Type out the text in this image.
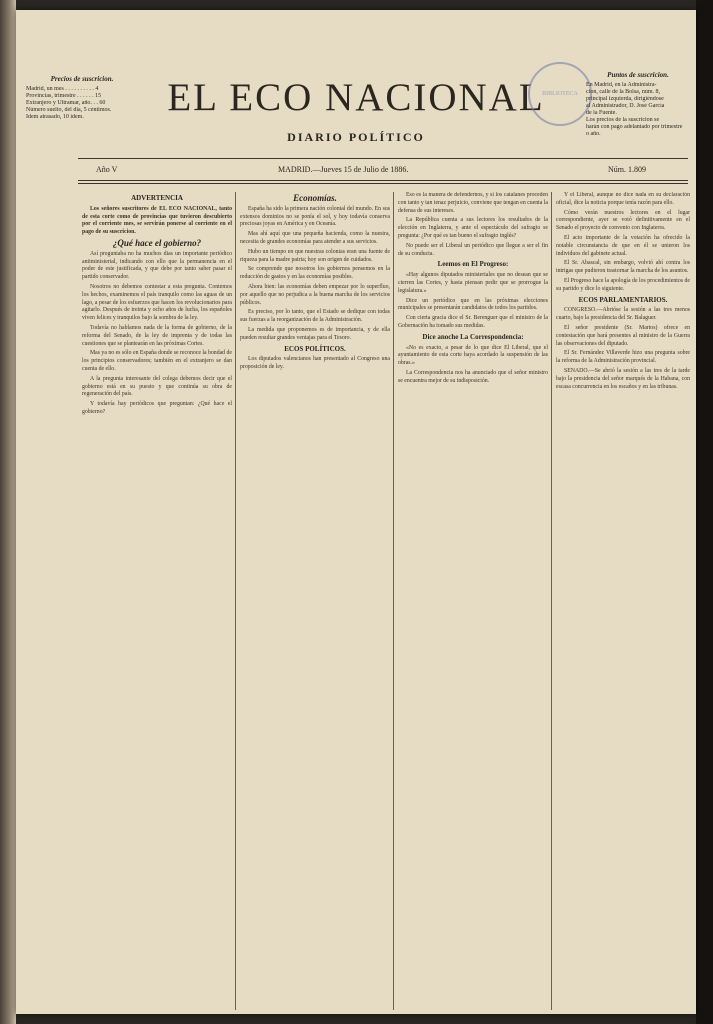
Precios de suscricion.
Madrid, un mes . . . . . . . . . . 4
Provincias, trimestre . . . . . . 15
Extranjero y Ultramar, año. . . 60
Número suelto, del dia, 5 céntimos.
Idem atrasado, 10 idem.	EL ECO NACIONAL
DIARIO POLÍTICO
BIBLIOTECA
Puntos de suscricion.
En Madrid, en la Administra-
cion, calle de la Bolsa, núm. 8,
principal izquierda, dirigiéndose
al Administrador, D. José García
de la Fuente.
Los precios de la suscricion se
harán con pago adelantado por trimestre
o año.
Año V	MADRID.—Jueves 15 de Julio de 1886.	Núm. 1.809
ADVERTENCIA
Los señores suscritores de EL ECO NACIONAL, tanto de esta corte como de provincias que tuvieron descubierto por el corriente mes, se servirán ponerse al corriente en el pago de su suscricion.
¿Qué hace el gobierno?
Así preguntaba no ha muchos dias un importante periódico antiministerial, indicando con ello que la permanencia en el poder de este justificada, y que debe por tanto saber pasar el partido conservador.
Nosotros no debemos contestar a esta pregunta. Contemos los hechos, examinemos el país tranquilo como las aguas de un lago, a pesar de los esfuerzos que hacen los revolucionarios para agitarlo. Después de treinta y ocho años de lucha, los españoles viven felices y tranquilos bajo la sombra de la ley.
Todavía no hablamos nada de la forma de gobierno, de la reforma del Senado, de la ley de imprenta y de todas las cuestiones que se plantearán en las próximas Cortes.
Mas ya no es sólo en España donde se reconoce la bondad de los principios conservadores; también en el extranjero se dan cuenta de ello.
A la pregunta interesante del colega debemos decir que el gobierno está en su puesto y que continúa su obra de regeneración del país.
Y todavía hay periódicos que preguntan: ¿Qué hace el gobierno?
Economías.
España ha sido la primera nación colonial del mundo. En sus extensos dominios no se ponía el sol, y hoy todavía conserva preciosas joyas en América y en Oceanía.
Mas ahí aquí que una pequeña hacienda, como la nuestra, necesita de grandes economías para atender a sus servicios.
Hubo un tiempo en que nuestras colonias eran una fuente de riqueza para la madre patria; hoy son origen de cuidados.
Se comprende que nosotros los gobiernos pensemos en la reducción de gastos y en las economías posibles.
Ahora bien: las economías deben empezar por lo superfluo, por aquello que no perjudica a la buena marcha de los servicios públicos.
Es preciso, por lo tanto, que el Estado se dedique con todas sus fuerzas a la reorganización de la Administración.
La medida que proponemos es de importancia, y de ella pueden resultar grandes ventajas para el Tesoro.
ECOS POLÍTICOS.
Los diputados valencianos han presentado al Congreso una proposición de ley.
Eso es la manera de defendernos, y si los catalanes proceden con tanto y tan tenaz perjuicio, conviene que tengan en cuenta la defensa de sus intereses.
La República cuenta a sus lectores los resultados de la elección en Inglaterra, y ante el espectáculo del sufragio se pregunta: ¿Por qué es tan bueno el sufragio inglés?
No puede ser el Liberal un periódico que llegue a ser el fin de su conducta.
Leemos en El Progreso:
«Hay algunos diputados ministeriales que no desean que se cierren las Cortes, y hasta piensan pedir que se prorrogue la legislatura.»
Dice un periódico que en las próximas elecciones municipales se presentarán candidatos de todos los partidos.
Con cierta gracia dice el Sr. Berenguer que el ministro de la Gobernación ha tomado sus medidas.
Dice anoche La Correspondencia:
«No es exacto, a pesar de lo que dice El Liberal, que el ayuntamiento de esta corte haya acordado la suspensión de las obras.»
La Correspondencia nos ha anunciado que el señor ministro se encuentra mejor de su indisposición.
Y el Liberal, aunque no dice nada en su declaración oficial, dice la noticia porque tenía razón para ello.
Cómo verán nuestros lectores en el lugar correspondiente, ayer se votó definitivamente en el Senado el proyecto de convenio con Inglaterra.
El acto importante de la votación ha ofrecido la notable circunstancia de que en él se unieron los individuos del gabinete actual.
El Sr. Abascal, sin embargo, volvió ahí contra los intrigas que pudieron trastornar la marcha de los asuntos.
El Progreso hace la apología de los procedimientos de su partido y dice lo siguiente.
ECOS PARLAMENTARIOS.
CONGRESO.—Abrióse la sesión a las tres menos cuarto, bajo la presidencia del Sr. Balaguer.
El señor presidente (Sr. Martos) ofrece en contestación que hará presentes al ministro de la Guerra las observaciones del diputado.
El Sr. Fernández Villaverde hizo una pregunta sobre la reforma de la Administración provincial.
SENADO.—Se abrió la sesión a las tres de la tarde bajo la presidencia del señor marqués de la Habana, con escasa concurrencia en los escaños y en las tribunas.
